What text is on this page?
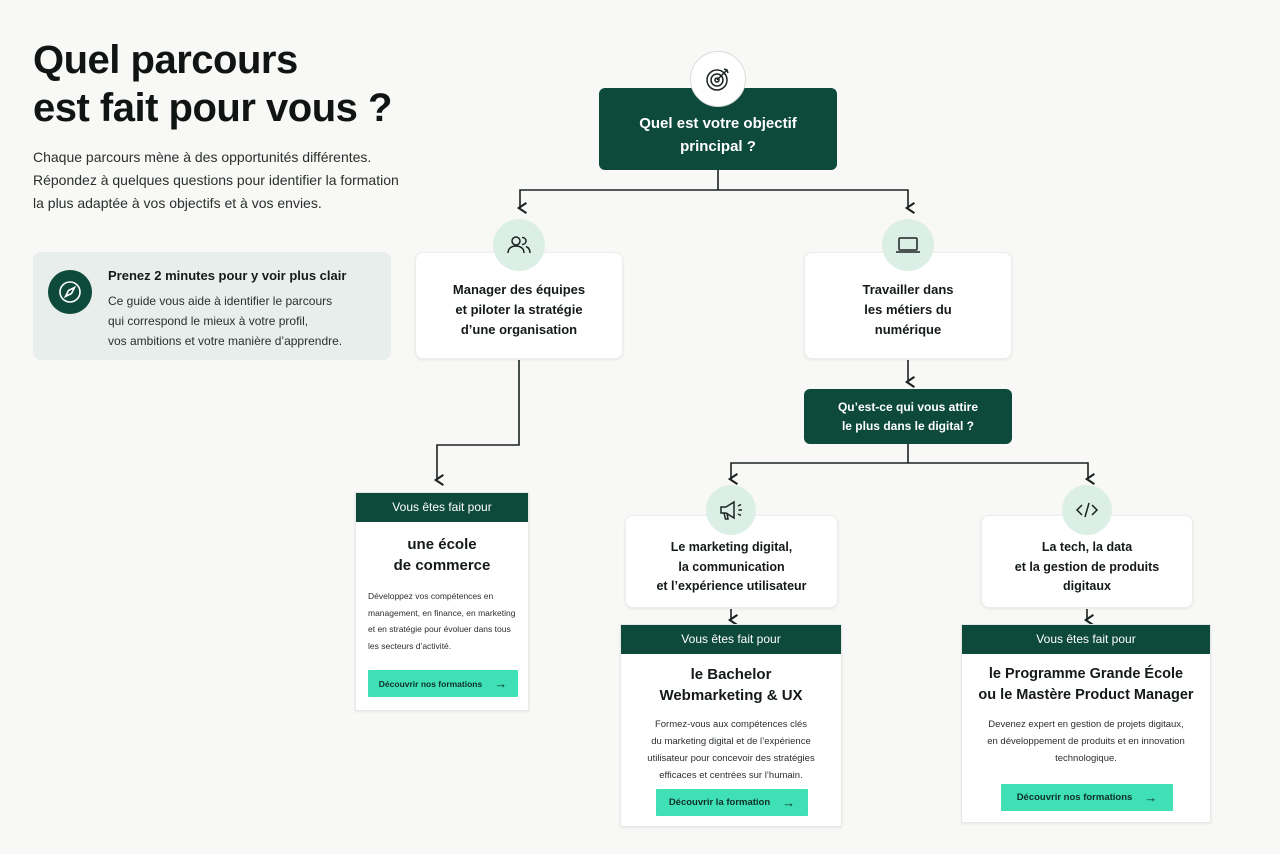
Quel parcours
est fait pour vous ?

Chaque parcours mène à des opportunités différentes.
Répondez à quelques questions pour identifier la formation
la plus adaptée à vos objectifs et à vos envies.

Prenez 2 minutes pour y voir plus clair
Ce guide vous aide à identifier le parcours
qui correspond le mieux à votre profil,
vos ambitions et votre manière d’apprendre.
Quel est votre objectif
principal ?
Manager des équipes
et piloter la stratégie
d’une organisation
Travailler dans
les métiers du
numérique
Qu’est-ce qui vous attire
le plus dans le digital ?
Le marketing digital,
la communication
et l’expérience utilisateur
La tech, la data
et la gestion de produits
digitaux
Vous êtes fait pour
une école
de commerce
Développez vos compétences en
management, en finance, en marketing
et en stratégie pour évoluer dans tous
les secteurs d’activité.
Découvrir nos formations →
Vous êtes fait pour
le Bachelor
Webmarketing & UX
Formez-vous aux compétences clés
du marketing digital et de l’expérience
utilisateur pour concevoir des stratégies
efficaces et centrées sur l’humain.
Découvrir la formation →
Vous êtes fait pour
le Programme Grande École
ou le Mastère Product Manager
Devenez expert en gestion de projets digitaux,
en développement de produits et en innovation
technologique.
Découvrir nos formations →
